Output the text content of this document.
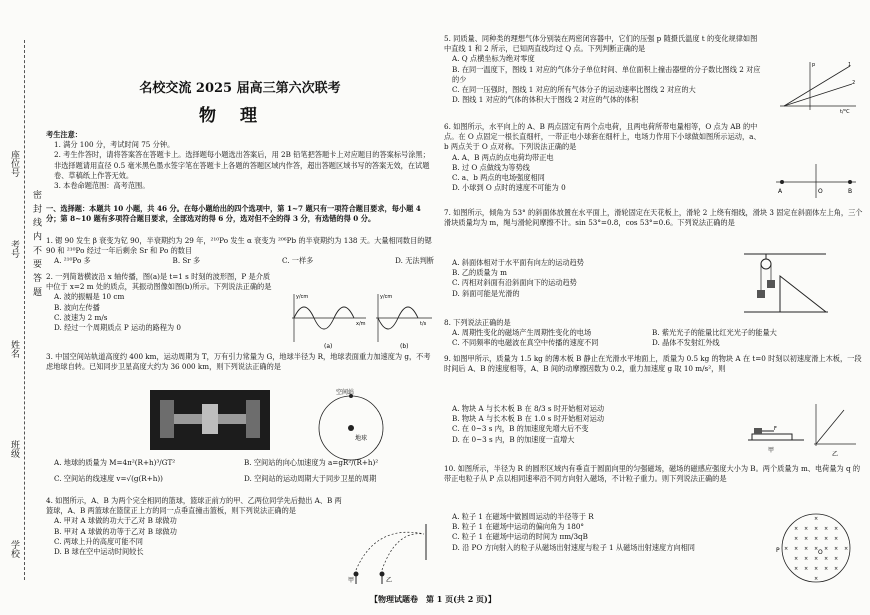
密 封 线 内 不 要 答 题
学校
班级
姓名
考号
座位号
名校交流 2025 届高三第六次联考
物理

考生注意：

1. 满分 100 分，考试时间 75 分钟。

2. 考生作答时，请将答案答在答题卡上。选择题每小题选出答案后，用 2B 铅笔把答题卡上对应题目的答案标号涂黑；非选择题请用直径 0.5 毫米黑色墨水签字笔在答题卡上各题的答题区域内作答，超出答题区域书写的答案无效，在试题卷、草稿纸上作答无效。

3. 本卷命题范围：高考范围。

一、选择题：本题共 10 小题，共 46 分。在每小题给出的四个选项中，第 1~7 题只有一项符合题目要求，每小题 4 分；第 8~10 题有多项符合题目要求，全部选对的得 6 分，选对但不全的得 3 分，有选错的得 0 分。

1. 锶 90 发生 β 衰变为钇 90，半衰期约为 29 年，²¹⁰Po 发生 α 衰变为 ²⁰⁶Pb 的半衰期约为 138 天。大量相同数目的锶 90 和 ²¹⁰Po 经过一年后剩余 Sr 和 Po 的数目

A. ²¹⁰Po 多	B. Sr 多	C. 一样多	D. 无法判断

2. 一列简谐横波沿 x 轴传播，图(a)是 t=1 s 时刻的波形图，P 是介质中位于 x=2 m 处的质点，其振动图像如图(b)所示。下列说法正确的是

A. 波的振幅是 10 cm

B. 波向左传播

C. 波速为 2 m/s

D. 经过一个周期质点 P 运动的路程为 0

y/cm
x/m
(a)
y/cm
t/s
(b)

3. 中国空间站轨道高度约 400 km，运动周期为 T，万有引力常量为 G，地球半径为 R，地球表面重力加速度为 g，不考虑地球自转。已知同步卫星高度大约为 36 000 km，则下列说法正确的是

地球
空间站
A. 地球的质量为 M=4π²(R+h)³/GT²	B. 空间站的向心加速度为 a=gR²/(R+h)²
C. 空间站的线速度 v=√(g(R+h))	D. 空间站的运动周期大于同步卫星的周期

4. 如图所示，A、B 为两个完全相同的篮球，篮球正前方的甲、乙两位同学先后抛出 A、B 两篮球，A、B 两篮球在篮筐正上方的同一点垂直撞击篮板，则下列说法正确的是

A. 甲对 A 球做的功大于乙对 B 球做功

B. 甲对 A 球做的功等于乙对 B 球做功

C. 两球上升的高度可能不同

D. B 球在空中运动时间较长

甲	乙

5. 同质量、同种类的理想气体分别装在两密闭容器中，它们的压强 p 随摄氏温度 t 的变化规律如图中直线 1 和 2 所示，已知两直线均过 Q 点。下列判断正确的是

A. Q 点横坐标为绝对零度

B. 在同一温度下，图线 1 对应的气体分子单位时间、单位面积上撞击器壁的分子数比图线 2 对应的少

C. 在同一压强时，图线 1 对应的所有气体分子的运动速率比图线 2 对应的大

D. 图线 1 对应的气体的体积大于图线 2 对应的气体的体积

p
t/°C
1
2

6. 如图所示，水平向上的 A、B 两点固定有两个点电荷，且两电荷所带电量相等，O 点为 AB 的中点。在 O 点固定一根长直细杆，一带正电小球套在细杆上，电场力作用下小球做如图所示运动，a、b 两点关于 O 点对称。下列说法正确的是

A. A、B 两点的点电荷均带正电

B. 过 O 点做线为等势线

C. a、b 两点的电场强度相同

D. 小球到 O 点时的速度不可能为 0	A	B
O

7. 如图所示，倾角为 53° 的斜面体放置在水平面上，滑轮固定在天花板上，滑轮 2 上绕有细线，滑块 3 固定在斜面体左上角，三个滑块质量均为 m，绳与滑轮间摩擦不计。sin 53°=0.8，cos 53°=0.6。下列说法正确的是

A. 斜面体相对于水平面有向左的运动趋势

B. 乙的质量为 m

C. 丙相对斜面有沿斜面向下的运动趋势

D. 斜面可能是光滑的

8. 下列说法正确的是

A. 周期性变化的磁场产生周期性变化的电场	B. 紫光光子的能量比红光光子的能量大
C. 不同频率的电磁波在真空中传播的速度不同	D. 晶体不发射红外线

9. 如图甲所示，质量为 1.5 kg 的薄木板 B 静止在光滑水平地面上，质量为 0.5 kg 的物块 A 在 t=0 时刻以初速度滑上木板，一段时间后 A、B 的速度相等，A、B 间的动摩擦因数为 0.2，重力加速度 g 取 10 m/s²，则

A. 物块 A 与长木板 B 在 8/3 s 时开始相对运动

B. 物块 A 与长木板 B 在 1.0 s 时开始相对运动

C. 在 0~3 s 内，B 的加速度先增大后不变

D. 在 0~3 s 内，B 的加速度一直增大

F
甲
乙

10. 如图所示，半径为 R 的圆形区域内有垂直于圆面向里的匀强磁场，磁场的磁感应强度大小为 B。两个质量为 m、电荷量为 q 的带正电粒子从 P 点以相同速率沿不同方向射入磁场，不计粒子重力。则下列说法正确的是

A. 粒子 1 在磁场中做圆周运动的半径等于 R

B. 粒子 1 在磁场中运动的偏向角为 180°

C. 粒子 1 在磁场中运动的时间为 πm/3qB

D. 沿 PO 方向射入的粒子从磁场出射速度与粒子 1 从磁场出射速度方向相同

×
× × × × ×
× × × × ×
× × × × × × ×
× × × × ×
× × × × ×
×
P	O
【物理试题卷　第 1 页(共 2 页)】
